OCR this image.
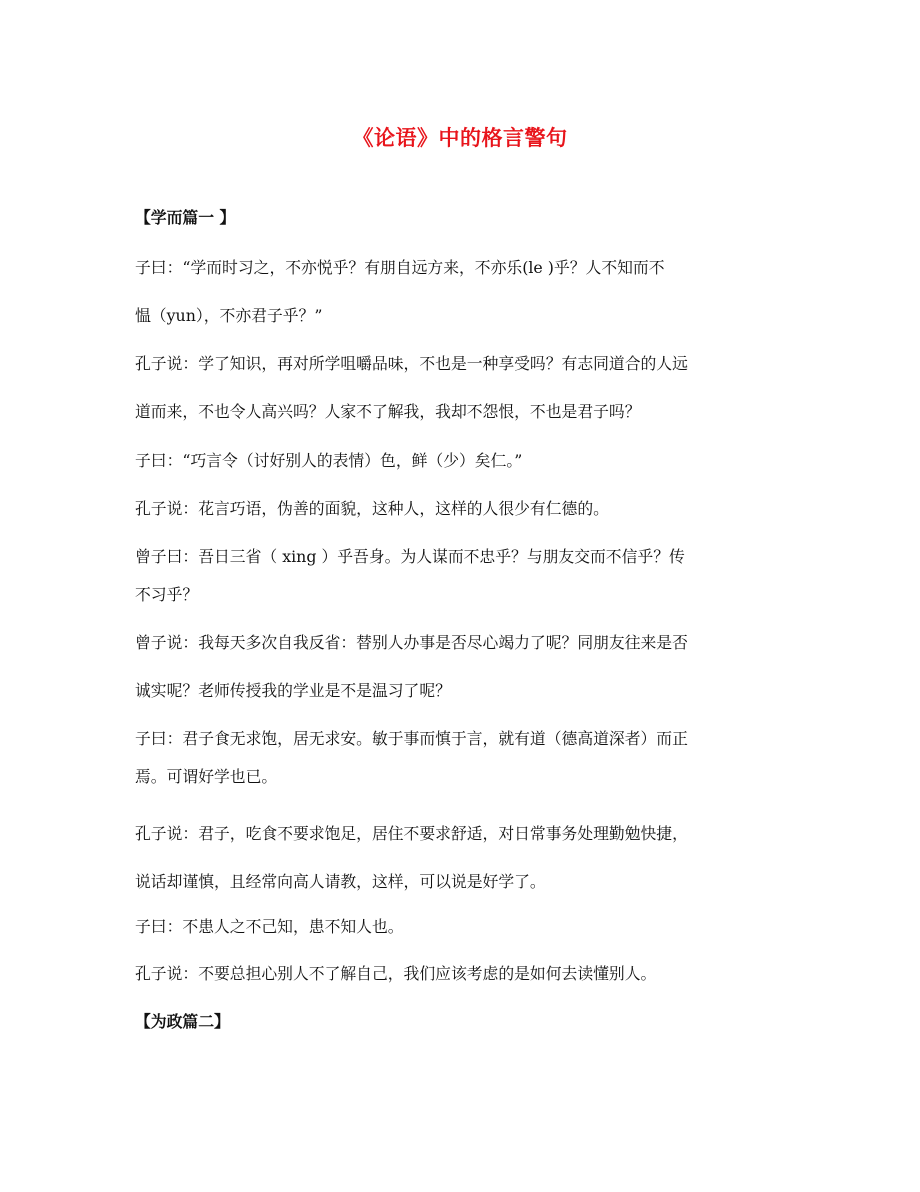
《论语》中的格言警句
【学而篇一 】
子曰：“学而时习之，不亦悦乎？有朋自远方来，不亦乐(le )乎？人不知而不
愠（yun），不亦君子乎？”
孔子说：学了知识，再对所学咀嚼品味，不也是一种享受吗？有志同道合的人远
道而来，不也令人高兴吗？人家不了解我，我却不怨恨，不也是君子吗？
子曰：“巧言令（讨好别人的表情）色，鲜（少）矣仁。”
孔子说：花言巧语，伪善的面貌，这种人，这样的人很少有仁德的。
曾子曰：吾日三省（ xing ）乎吾身。为人谋而不忠乎？与朋友交而不信乎？传
不习乎？
曾子说：我每天多次自我反省：替别人办事是否尽心竭力了呢？同朋友往来是否
诚实呢？老师传授我的学业是不是温习了呢？
子曰：君子食无求饱，居无求安。敏于事而慎于言，就有道（德高道深者）而正
焉。可谓好学也已。
孔子说：君子，吃食不要求饱足，居住不要求舒适，对日常事务处理勤勉快捷，
说话却谨慎，且经常向高人请教，这样，可以说是好学了。
子曰：不患人之不己知，患不知人也。
孔子说：不要总担心别人不了解自己，我们应该考虑的是如何去读懂别人。
【为政篇二】
